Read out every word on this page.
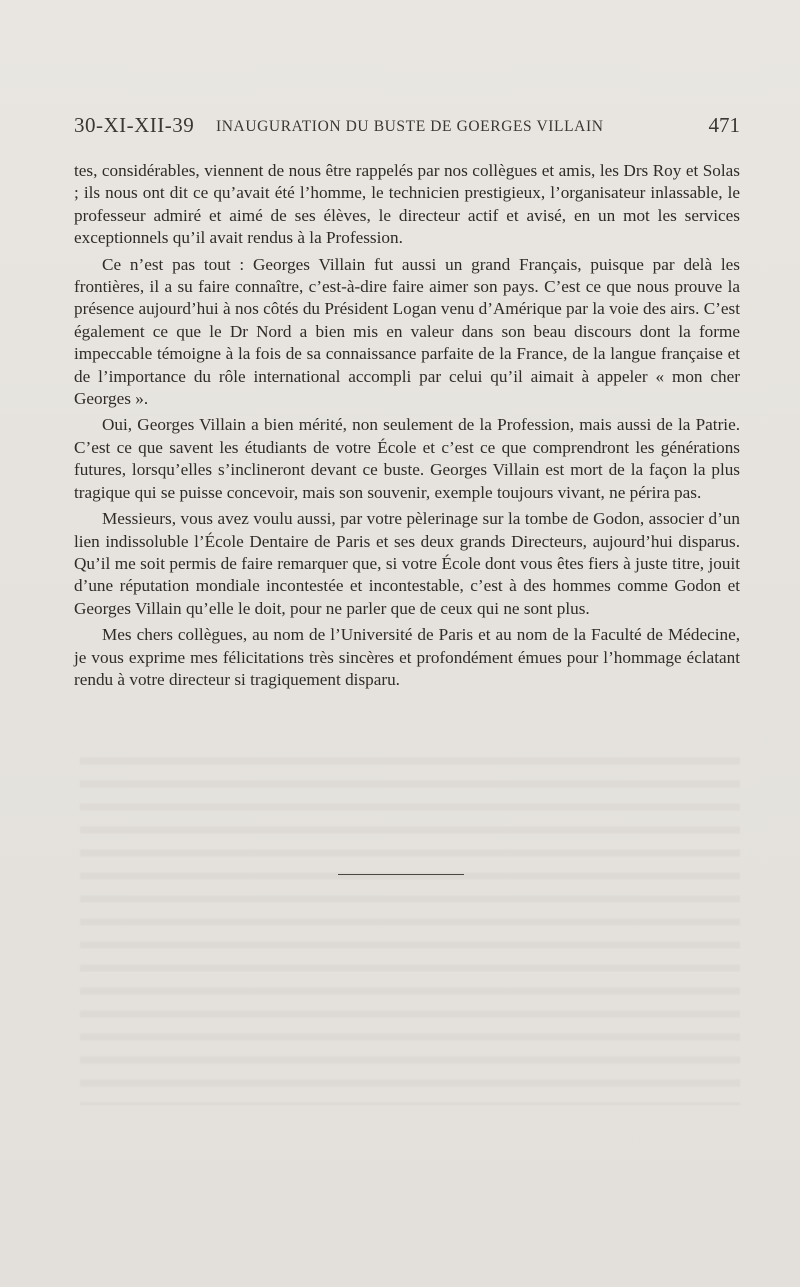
30-XI-XII-39 INAUGURATION DU BUSTE DE GOERGES VILLAIN	471

tes, considérables, viennent de nous être rappelés par nos collègues et amis, les Drs Roy et Solas ; ils nous ont dit ce qu’avait été l’homme, le technicien prestigieux, l’organisateur inlassable, le professeur admiré et aimé de ses élèves, le directeur actif et avisé, en un mot les services exceptionnels qu’il avait rendus à la Profession.

Ce n’est pas tout : Georges Villain fut aussi un grand Français, puisque par delà les frontières, il a su faire connaître, c’est-à-dire faire aimer son pays. C’est ce que nous prouve la présence aujourd’hui à nos côtés du Président Logan venu d’Amérique par la voie des airs. C’est également ce que le Dr Nord a bien mis en valeur dans son beau discours dont la forme impeccable témoigne à la fois de sa connaissance parfaite de la France, de la langue française et de l’importance du rôle international accompli par celui qu’il aimait à appeler « mon cher Georges ».

Oui, Georges Villain a bien mérité, non seulement de la Profession, mais aussi de la Patrie. C’est ce que savent les étudiants de votre École et c’est ce que comprendront les générations futures, lorsqu’elles s’inclineront devant ce buste. Georges Villain est mort de la façon la plus tragique qui se puisse concevoir, mais son souvenir, exemple toujours vivant, ne périra pas.

Messieurs, vous avez voulu aussi, par votre pèlerinage sur la tombe de Godon, associer d’un lien indissoluble l’École Dentaire de Paris et ses deux grands Directeurs, aujourd’hui disparus. Qu’il me soit permis de faire remarquer que, si votre École dont vous êtes fiers à juste titre, jouit d’une réputation mondiale incontestée et incontestable, c’est à des hommes comme Godon et Georges Villain qu’elle le doit, pour ne parler que de ceux qui ne sont plus.

Mes chers collègues, au nom de l’Université de Paris et au nom de la Faculté de Médecine, je vous exprime mes félicitations très sincères et profondément émues pour l’hommage éclatant rendu à votre directeur si tragiquement disparu.
